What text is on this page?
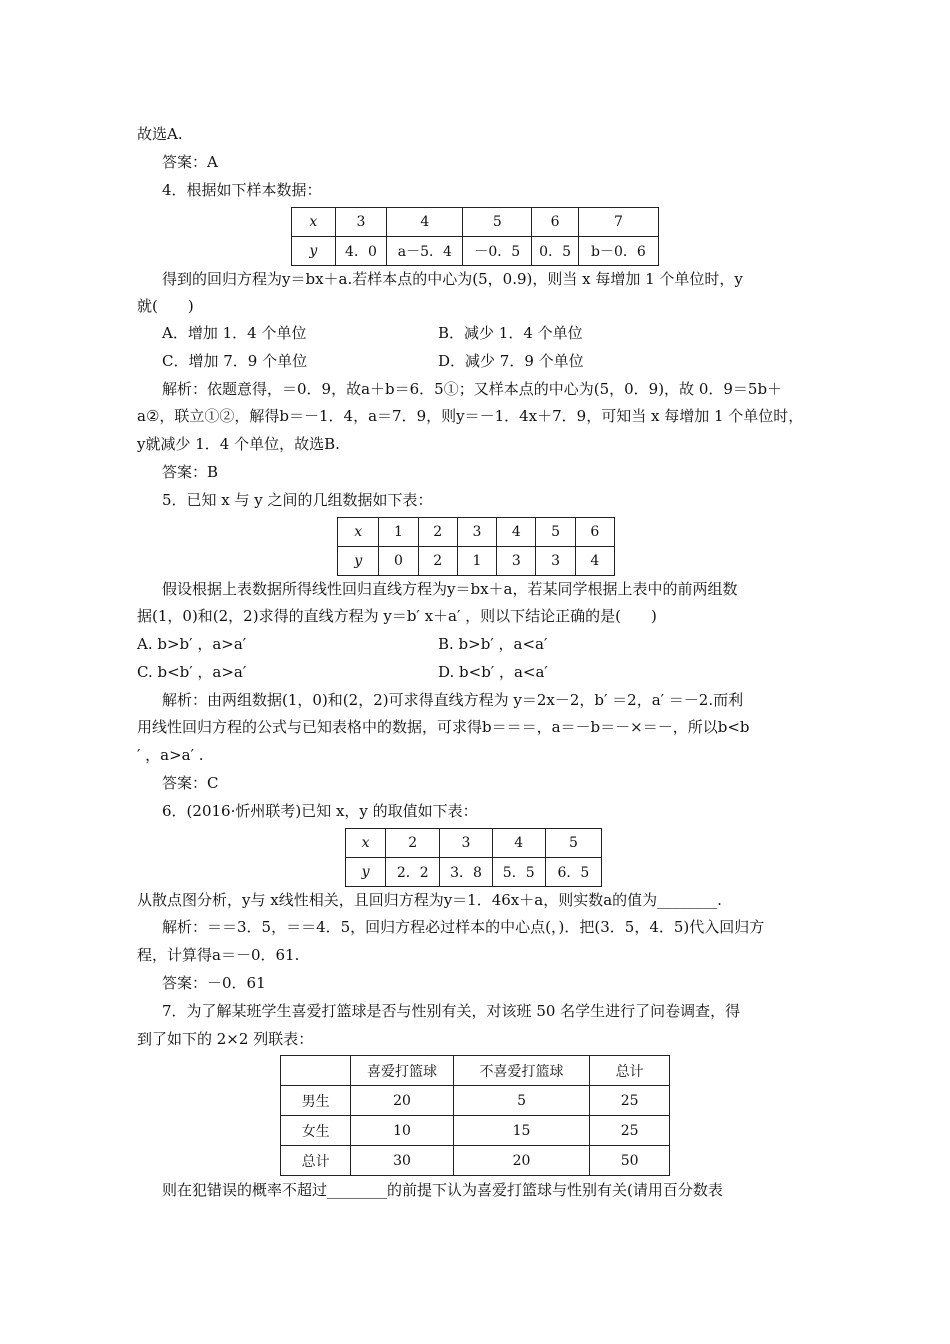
故选A.
答案：A
4．根据如下样本数据：
x	3	4	5	6	7
y	4．0	a－5．4	－0．5	0．5	b－0．6
得到的回归方程为y＝bx＋a.若样本点的中心为(5，0.9)，则当 x 每增加 1 个单位时，y
就(　　)
A．增加 1．4 个单位	B．减少 1．4 个单位
C．增加 7．9 个单位	D．减少 7．9 个单位
解析：依题意得，＝0．9，故a＋b＝6．5①；又样本点的中心为(5，0．9)，故 0．9＝5b＋
a②，联立①②，解得b＝－1．4，a＝7．9，则y＝－1．4x＋7．9，可知当 x 每增加 1 个单位时，
y就减少 1．4 个单位，故选B.
答案：B
5．已知 x 与 y 之间的几组数据如下表：
x	1	2	3	4	5	6
y	0	2	1	3	3	4
假设根据上表数据所得线性回归直线方程为y＝bx＋a，若某同学根据上表中的前两组数
据(1，0)和(2，2)求得的直线方程为 y＝b′ x＋a′ ，则以下结论正确的是(　　)
A. b>b′ ，a>a′	B. b>b′ ，a<a′
C. b<b′ ，a>a′	D. b<b′ ，a<a′
解析：由两组数据(1，0)和(2，2)可求得直线方程为 y＝2x－2，b′ ＝2，a′ ＝－2.而利
用线性回归方程的公式与已知表格中的数据，可求得b＝＝＝，a＝－b＝－×＝－，所以b<b
′ ，a>a′ .
答案：C
6．(2016·忻州联考)已知 x，y 的取值如下表：
x	2	3	4	5
y	2．2	3．8	5．5	6．5
从散点图分析，y与 x线性相关，且回归方程为y＝1．46x＋a，则实数a的值为________.
解析：＝＝3．5，＝＝4．5，回归方程必过样本的中心点(，)．把(3．5，4．5)代入回归方
程，计算得a＝－0．61.
答案：－0．61
7．为了解某班学生喜爱打篮球是否与性别有关，对该班 50 名学生进行了问卷调查，得
到了如下的 2×2 列联表：
	喜爱打篮球	不喜爱打篮球	总计
男生	20	5	25
女生	10	15	25
总计	30	20	50
则在犯错误的概率不超过________的前提下认为喜爱打篮球与性别有关(请用百分数表
